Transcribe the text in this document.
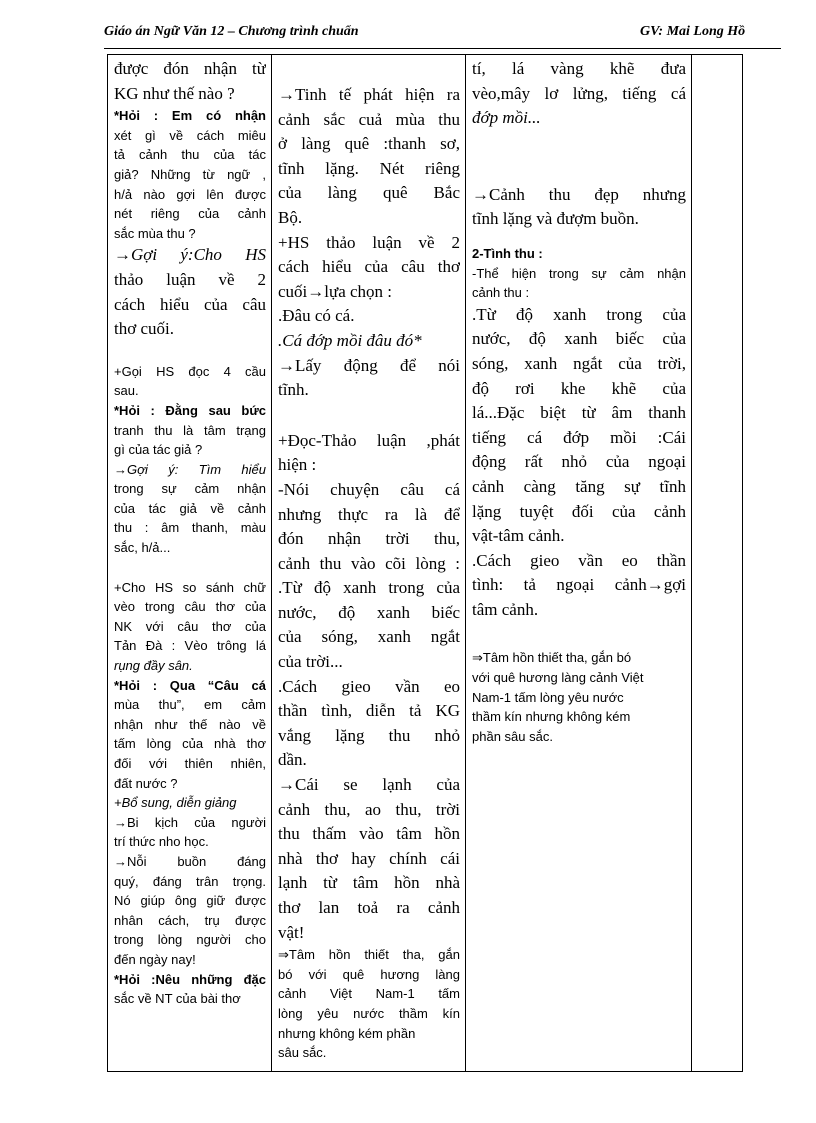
Giáo án Ngữ Văn 12 – Chương trình chuẩn	GV: Mai Long Hồ
được đón nhận từ
KG như thế nào ?
*Hỏi : Em có nhận
xét gì về cách miêu
tả cảnh thu của tác
giả? Những từ ngữ ,
h/ả nào gợi lên được
nét riêng của cảnh
sắc mùa thu ?
→Gợi ý:Cho HS
thảo luận về 2
cách hiểu của câu
thơ cuối.
+Gọi HS đọc 4 cầu
sau.
*Hỏi : Đằng sau bức
tranh thu là tâm trạng
gì của tác giả ?
→Gợi ý: Tìm hiểu
trong sự cảm nhận
của tác giả về cảnh
thu : âm thanh, màu
sắc, h/ả...
+Cho HS so sánh chữ
vèo trong câu thơ của
NK với câu thơ của
Tản Đà : Vèo trông lá
rụng đầy sân.
*Hỏi : Qua “Câu cá
mùa thu”, em cảm
nhận như thế nào về
tấm lòng của nhà thơ
đối với thiên nhiên,
đất nước ?
+Bổ sung, diễn giảng
→Bi kịch của người
trí thức nho học.
→Nỗi buồn đáng
quý, đáng trân trọng.
Nó giúp ông giữ được
nhân cách, trụ được
trong lòng người cho
đến ngày nay!
*Hỏi :Nêu những đặc
sắc về NT của bài thơ

→Tinh tế phát hiện ra
cảnh sắc cuả mùa thu
ở làng quê :thanh sơ,
tĩnh lặng. Nét riêng
của làng quê Bắc
Bộ.
+HS thảo luận về 2
cách hiểu của câu thơ
cuối→lựa chọn :
.Đâu có cá.
.Cá đớp mồi đâu đó*
→Lấy động để nói
tĩnh.
+Đọc-Thảo luận ,phát
hiện :
-Nói chuyện câu cá
nhưng thực ra là để
đón nhận trời thu,
cảnh thu vào cõi lòng :
.Từ độ xanh trong của
nước, độ xanh biếc
của sóng, xanh ngắt
của trời...
.Cách gieo vần eo
thần tình, diễn tả KG
vắng lặng thu nhỏ
dần.
→Cái se lạnh của
cảnh thu, ao thu, trời
thu thấm vào tâm hồn
nhà thơ hay chính cái
lạnh từ tâm hồn nhà
thơ lan toả ra cảnh
vật!
⇒Tâm hồn thiết tha, gắn
bó với quê hương làng
cảnh Việt Nam-1 tấm
lòng yêu nước thầm kín
nhưng không kém phần
sâu sắc.

tí, lá vàng khẽ đưa
vèo,mây lơ lửng, tiếng cá
đớp mồi...
→Cảnh thu đẹp nhưng
tĩnh lặng và đượm buồn.
2-Tình thu :
-Thể hiện trong sự cảm nhận
cảnh thu :
.Từ độ xanh trong của
nước, độ xanh biếc của
sóng, xanh ngắt của trời,
độ rơi khe khẽ của
lá...Đặc biệt từ âm thanh
tiếng cá đớp mồi :Cái
động rất nhỏ của ngoại
cảnh càng tăng sự tĩnh
lặng tuyệt đối của cảnh
vật-tâm cảnh.
.Cách gieo vần eo thần
tình: tả ngoại cảnh→gợi
tâm cảnh.
⇒Tâm hồn thiết tha, gắn bó
với quê hương làng cảnh Việt
Nam-1 tấm lòng yêu nước
thầm kín nhưng không kém
phần sâu sắc.
